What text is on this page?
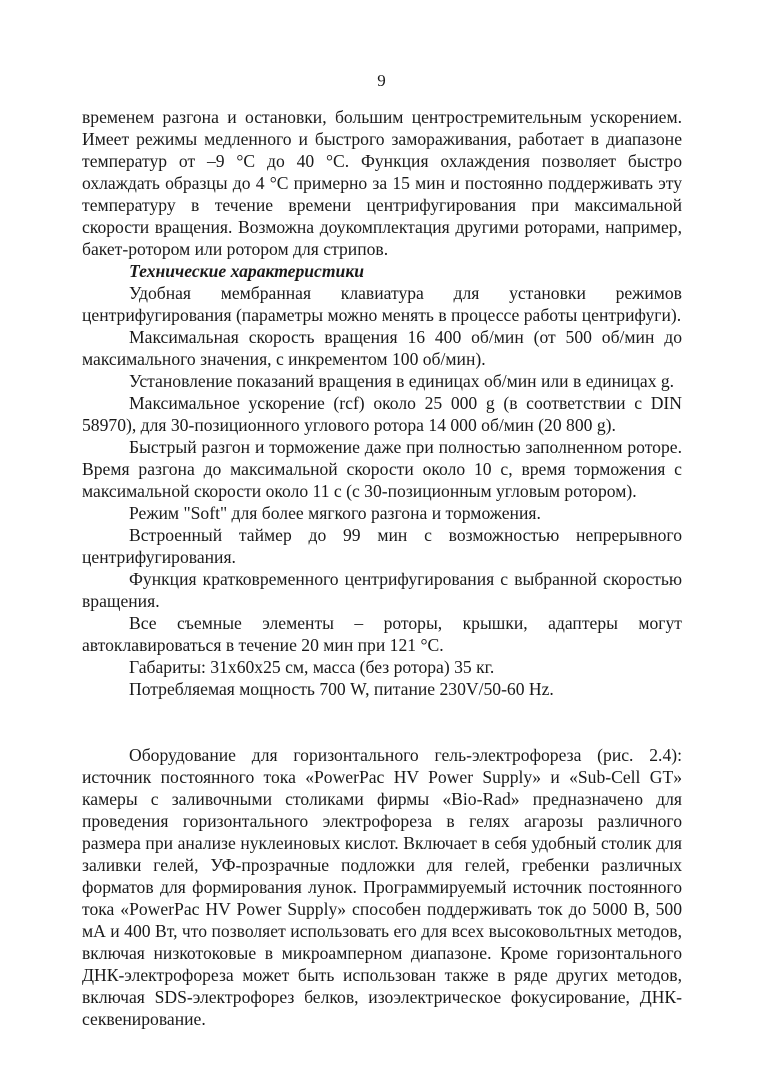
9

временем разгона и остановки, большим центростремительным ускорением. Имеет режимы медленного и быстрого замораживания, работает в диапазоне температур от –9 °С до 40 °С. Функция охлаждения позволяет быстро охлаждать образцы до 4 °С примерно за 15 мин и постоянно поддерживать эту температуру в течение времени центрифугирования при максимальной скорости вращения. Возможна доукомплектация другими роторами, например, бакет-ротором или ротором для стрипов.

Технические характеристики

Удобная мембранная клавиатура для установки режимов центрифугирования (параметры можно менять в процессе работы центрифуги).

Максимальная скорость вращения 16 400 об/мин (от 500 об/мин до максимального значения, с инкрементом 100 об/мин).

Установление показаний вращения в единицах об/мин или в единицах g.

Максимальное ускорение (rcf) около 25 000 g (в соответствии с DIN 58970), для 30-позиционного углового ротора 14 000 об/мин (20 800 g).

Быстрый разгон и торможение даже при полностью заполненном роторе. Время разгона до максимальной скорости около 10 с, время торможения с максимальной скорости около 11 с (с 30-позиционным угловым ротором).

Режим "Soft" для более мягкого разгона и торможения.

Встроенный таймер до 99 мин с возможностью непрерывного центрифугирования.

Функция кратковременного центрифугирования с выбранной скоростью вращения.

Все съемные элементы – роторы, крышки, адаптеры могут автоклавироваться в течение 20 мин при 121 °С.

Габариты: 31х60х25 см, масса (без ротора) 35 кг.

Потребляемая мощность 700 W, питание 230V/50-60 Hz.

Оборудование для горизонтального гель-электрофореза (рис. 2.4): источник постоянного тока «PowerPac HV Power Supply» и «Sub-Cell GT» камеры с заливочными столиками фирмы «Bio-Rad» предназначено для проведения горизонтального электрофореза в гелях агарозы различного размера при анализе нуклеиновых кислот. Включает в себя удобный столик для заливки гелей, УФ-прозрачные подложки для гелей, гребенки различных форматов для формирования лунок. Программируемый источник постоянного тока «PowerPac HV Power Supply» способен поддерживать ток до 5000 В, 500 мА и 400 Вт, что позволяет использовать его для всех высоковольтных методов, включая низкотоковые в микроамперном диапазоне. Кроме горизонтального ДНК-электрофореза может быть использован также в ряде других методов, включая SDS-электрофорез белков, изоэлектрическое фокусирование, ДНК-секвенирование.
